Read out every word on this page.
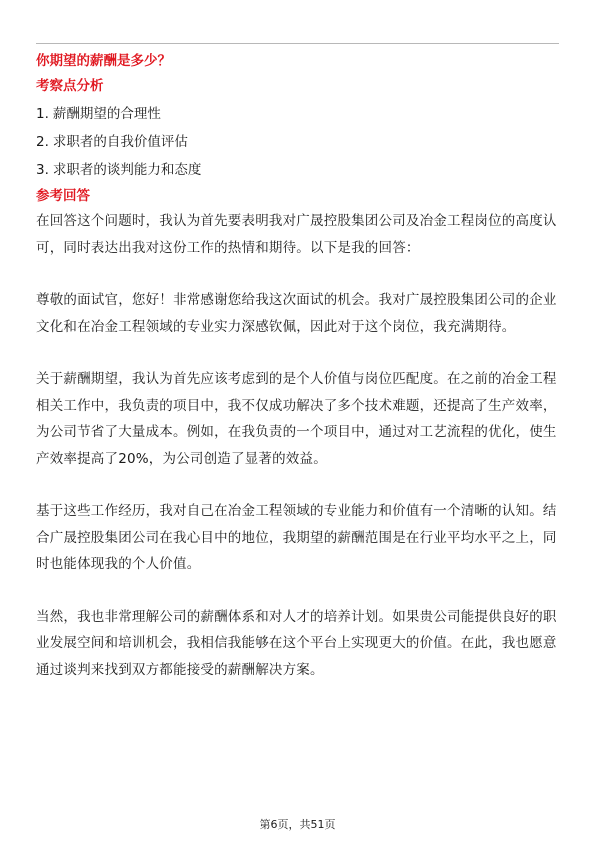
你期望的薪酬是多少？

考察点分析

1. 薪酬期望的合理性
2. 求职者的自我价值评估
3. 求职者的谈判能力和态度

参考回答

在回答这个问题时，我认为首先要表明我对广晟控股集团公司及冶金工程岗位的高度认可，同时表达出我对这份工作的热情和期待。以下是我的回答：

尊敬的面试官，您好！非常感谢您给我这次面试的机会。我对广晟控股集团公司的企业文化和在冶金工程领域的专业实力深感钦佩，因此对于这个岗位，我充满期待。

关于薪酬期望，我认为首先应该考虑到的是个人价值与岗位匹配度。在之前的冶金工程相关工作中，我负责的项目中，我不仅成功解决了多个技术难题，还提高了生产效率，为公司节省了大量成本。例如，在我负责的一个项目中，通过对工艺流程的优化，使生产效率提高了20%，为公司创造了显著的效益。

基于这些工作经历，我对自己在冶金工程领域的专业能力和价值有一个清晰的认知。结合广晟控股集团公司在我心目中的地位，我期望的薪酬范围是在行业平均水平之上，同时也能体现我的个人价值。

当然，我也非常理解公司的薪酬体系和对人才的培养计划。如果贵公司能提供良好的职业发展空间和培训机会，我相信我能够在这个平台上实现更大的价值。在此，我也愿意通过谈判来找到双方都能接受的薪酬解决方案。

第6页，共51页
